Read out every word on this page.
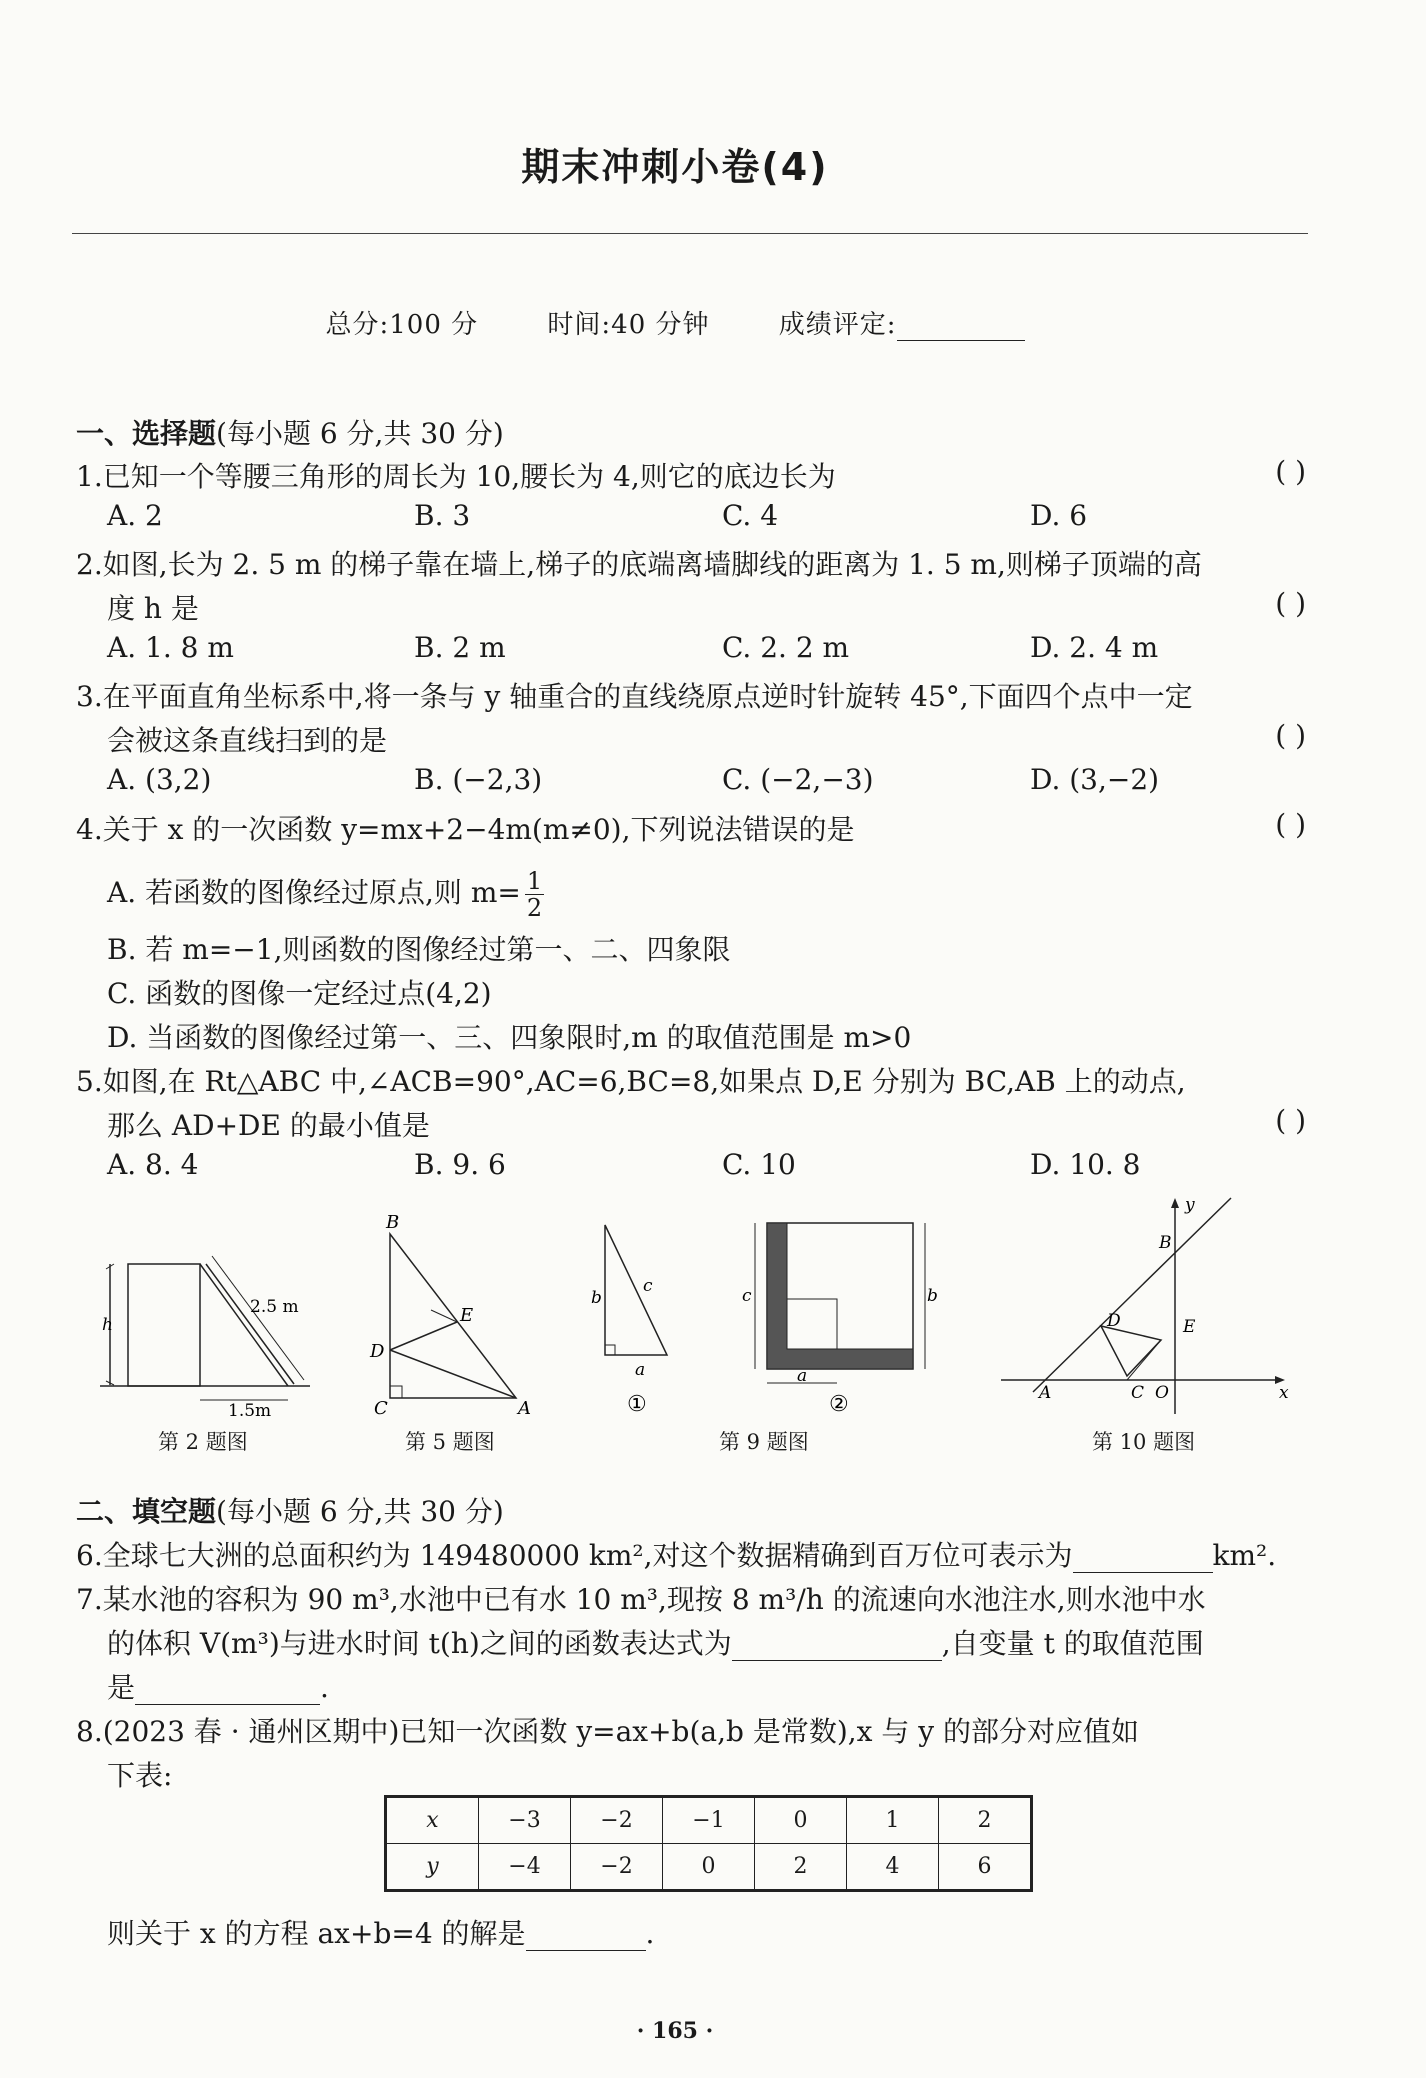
期末冲刺小卷(4)
总分:100 分	时间:40 分钟	成绩评定:
一、选择题(每小题 6 分,共 30 分)
1.已知一个等腰三角形的周长为 10,腰长为 4,则它的底边长为	( )
A. 2	B. 3	C. 4	D. 6
2.如图,长为 2. 5 m 的梯子靠在墙上,梯子的底端离墙脚线的距离为 1. 5 m,则梯子顶端的高
度 h 是	( )
A. 1. 8 m	B. 2 m	C. 2. 2 m	D. 2. 4 m
3.在平面直角坐标系中,将一条与 y 轴重合的直线绕原点逆时针旋转 45°,下面四个点中一定
会被这条直线扫到的是	( )
A. (3,2)	B. (−2,3)	C. (−2,−3)	D. (3,−2)
4.关于 x 的一次函数 y=mx+2−4m(m≠0),下列说法错误的是	( )
A. 若函数的图像经过原点,则 $m= \frac{1}{2}$
B. 若 m=−1,则函数的图像经过第一、二、四象限
C. 函数的图像一定经过点(4,2)
D. 当函数的图像经过第一、三、四象限时,m 的取值范围是 m>0
5.如图,在 Rt△ABC 中,∠ACB=90°,AC=6,BC=8,如果点 D,E 分别为 BC,AB 上的动点,
那么 AD+DE 的最小值是	( )
A. 8. 4	B. 9. 6	C. 10	D. 10. 8
h
2.5 m
1.5m
第 2 题图
B
D
E
C	A
第 5 题图
b
c
a
①
c	b
a
②
第 9 题图
y
B
D	E
A	C O	x
第 10 题图
二、填空题(每小题 6 分,共 30 分)
6.全球七大洲的总面积约为 149480000 km²,对这个数据精确到百万位可表示为	km².
7.某水池的容积为 90 m³,水池中已有水 10 m³,现按 8 m³/h 的流速向水池注水,则水池中水
的体积 V(m³)与进水时间 t(h)之间的函数表达式为	,自变量 t 的取值范围
是	.
8.(2023 春 · 通州区期中)已知一次函数 y=ax+b(a,b 是常数),x 与 y 的部分对应值如
下表:
x	−3	−2	−1	0	1	2
y	−4	−2	0	2	4	6
则关于 x 的方程 ax+b=4 的解是	.
· 165 ·
